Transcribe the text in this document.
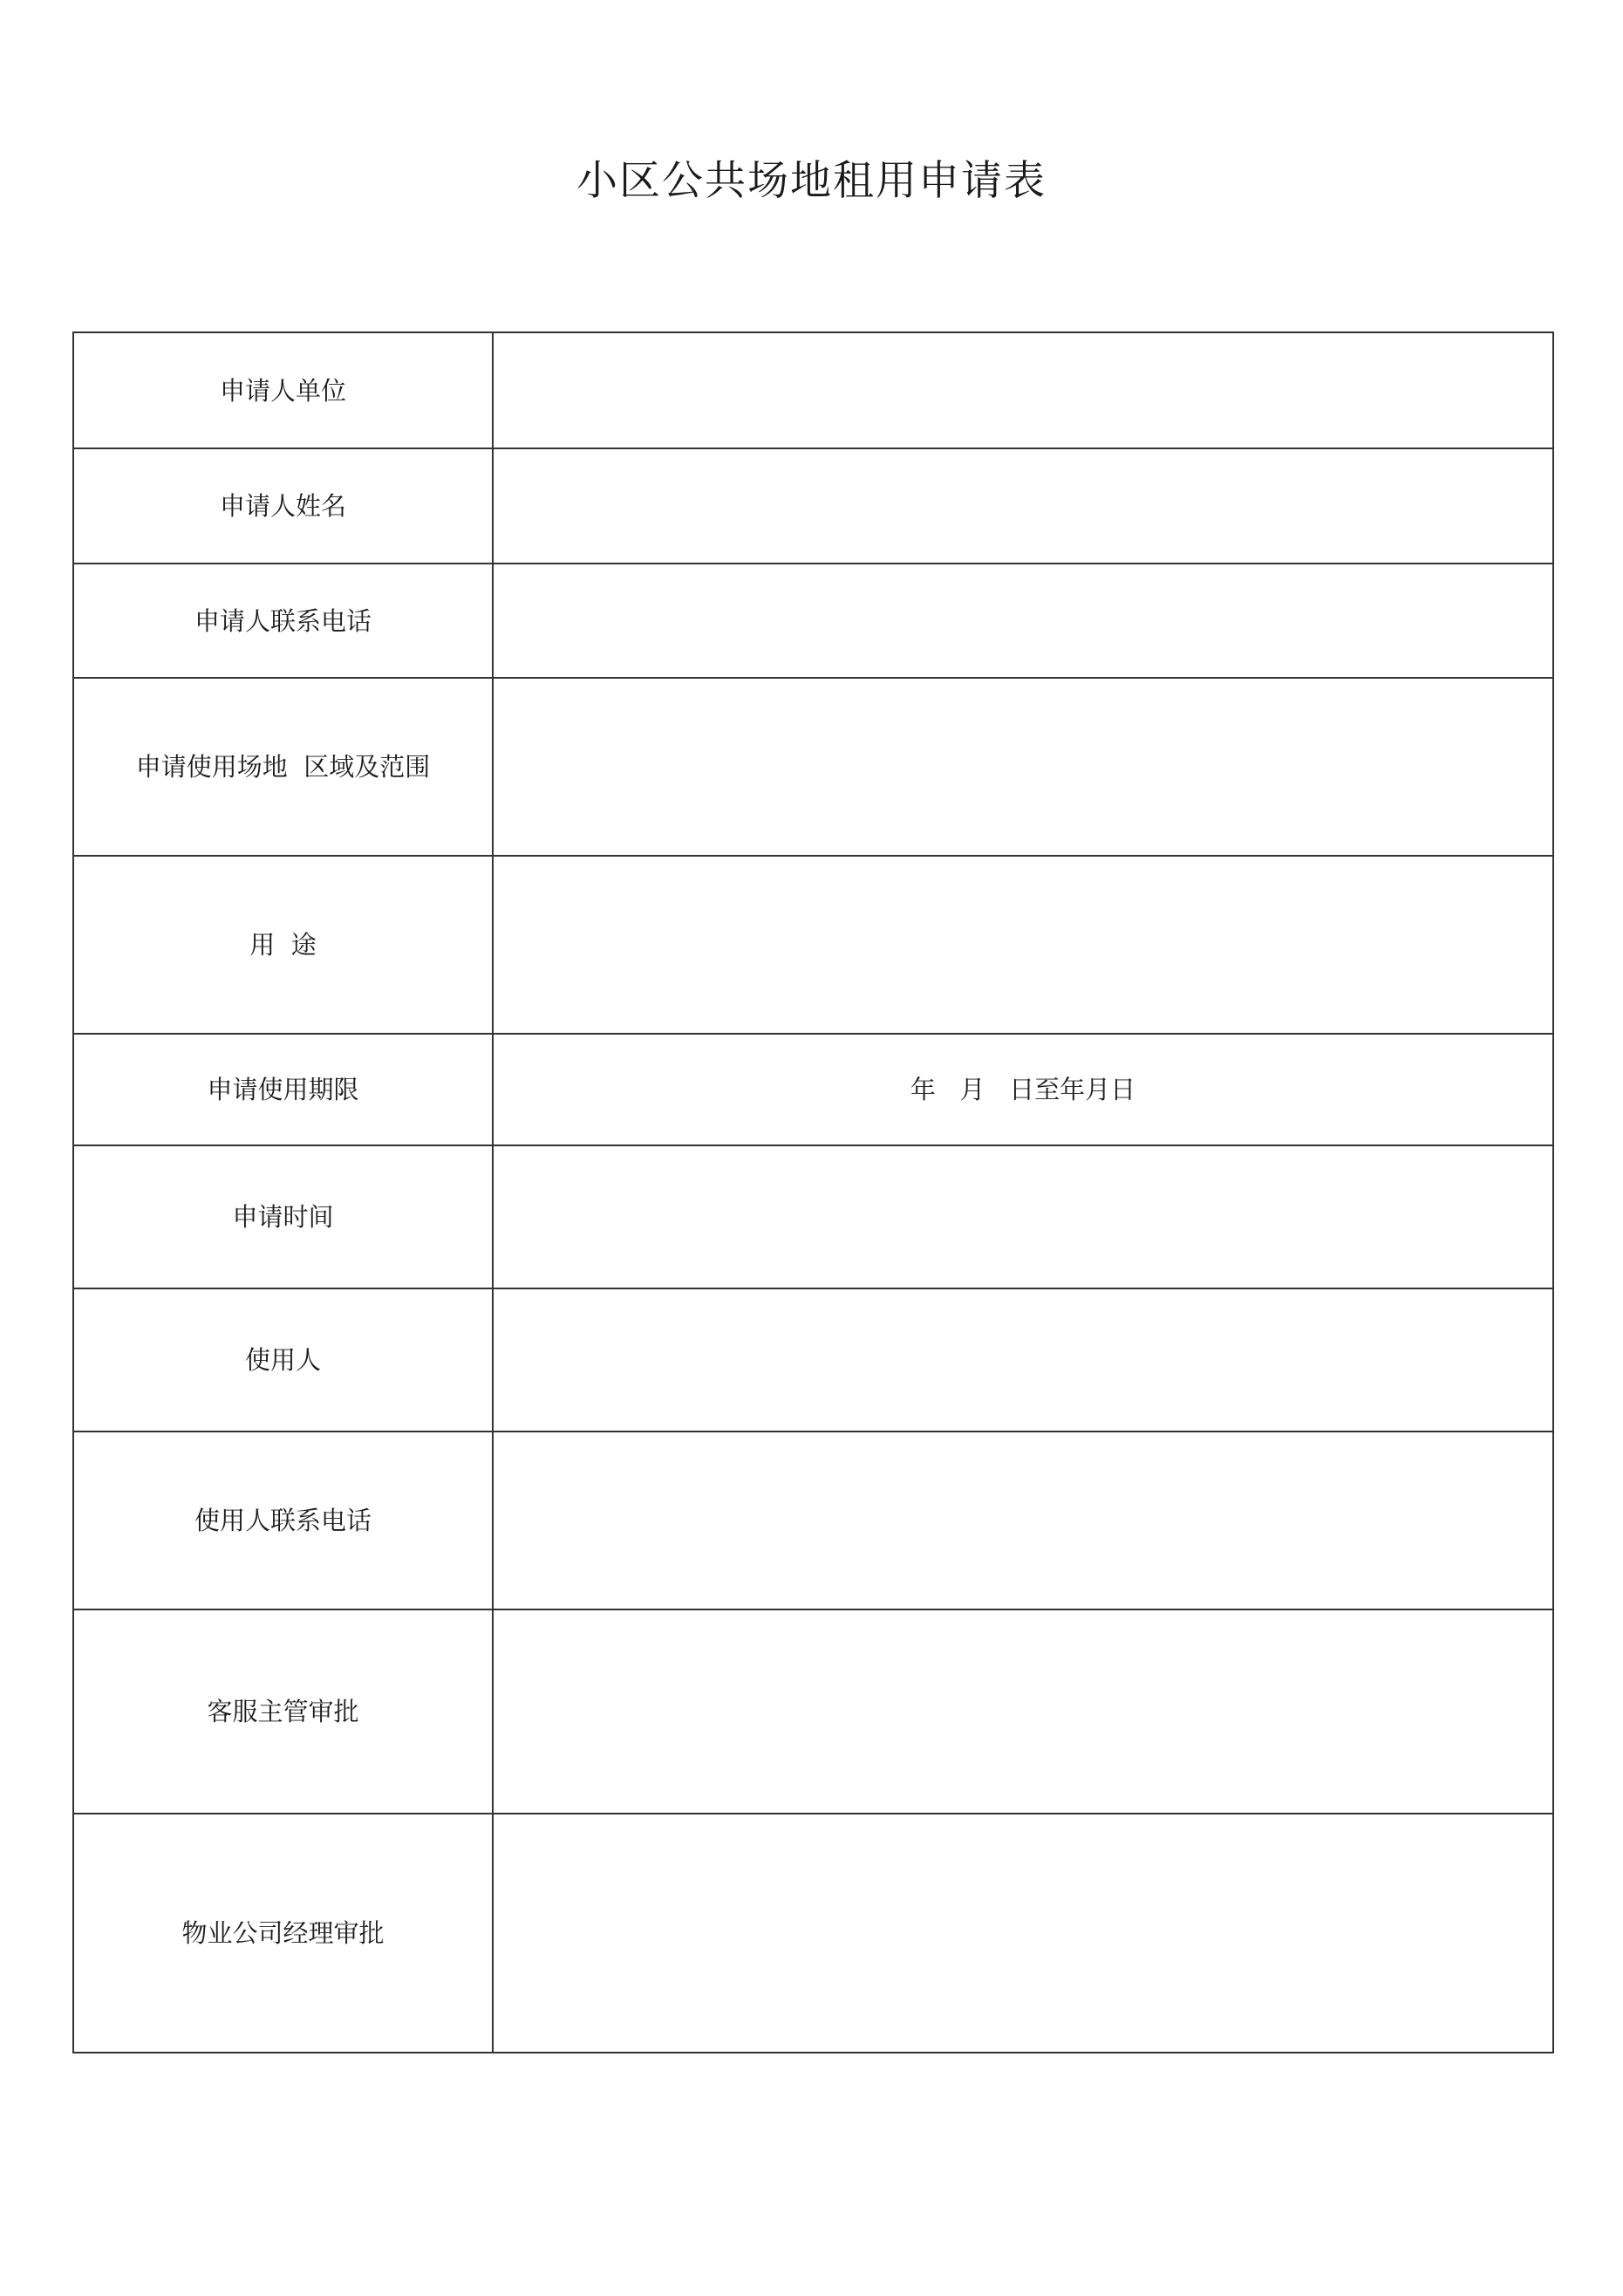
小区公共场地租用申请表
申请人单位	
申请人姓名	
申请人联系电话	
申请使用场地  区域及范围	
用  途	
申请使用期限	年   月   日至年月日
申请时间	
使用人	
使用人联系电话	
客服主管审批	
物业公司经理审批	
